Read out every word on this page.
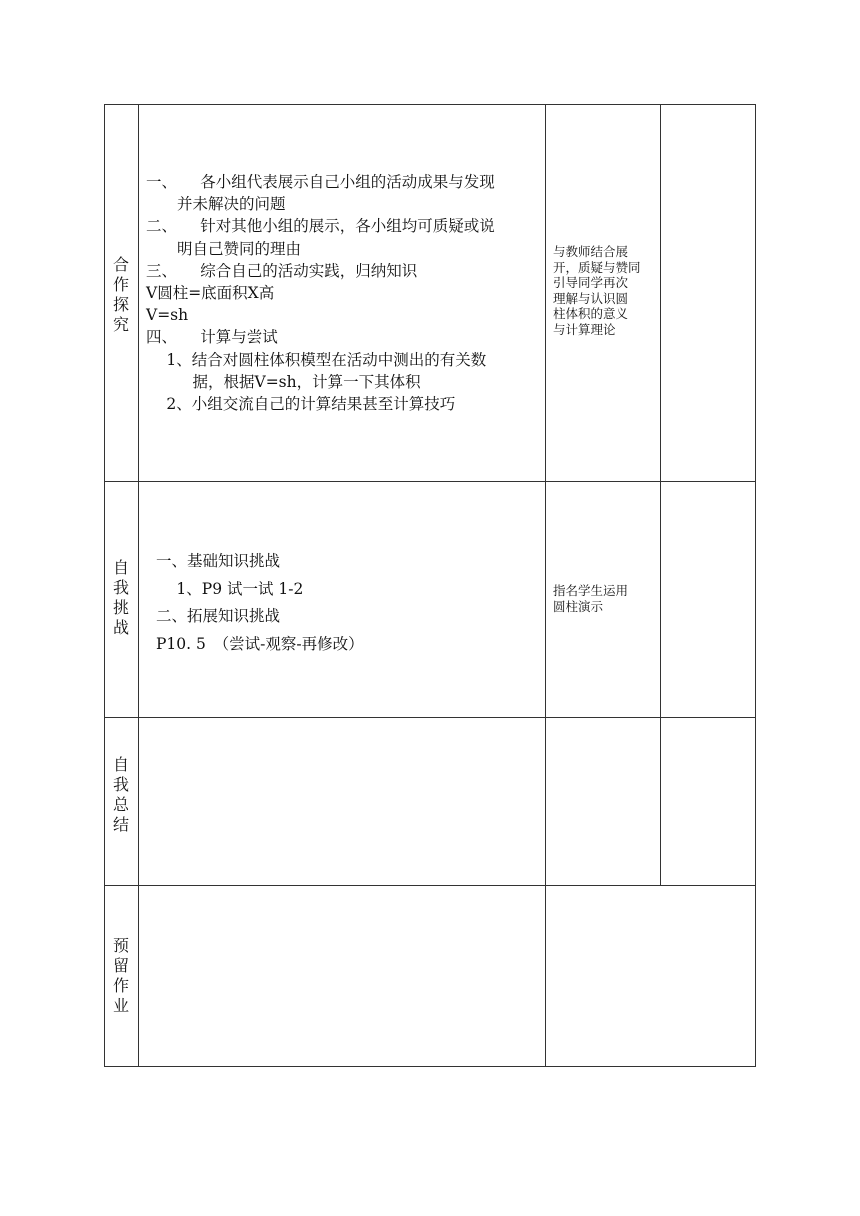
合
作
探
究
一、　　各小组代表展示自己小组的活动成果与发现
　　并未解决的问题
二、　　针对其他小组的展示，各小组均可质疑或说
　　明自己赞同的理由
三、　　综合自己的活动实践，归纳知识
V圆柱=底面积X高
V=sh
四、　　计算与尝试
　 1、结合对圆柱体积模型在活动中测出的有关数
　　　据，根据V=sh，计算一下其体积
　 2、小组交流自己的计算结果甚至计算技巧
与教师结合展
开，质疑与赞同
引导同学再次
理解与认识圆
柱体积的意义
与计算理论
自
我
挑
战
一、基础知识挑战
　 1、P9 试一试 1-2
二、拓展知识挑战
P10. 5　（尝试-观察-再修改）
指名学生运用
圆柱演示
自
我
总
结
预
留
作
业
